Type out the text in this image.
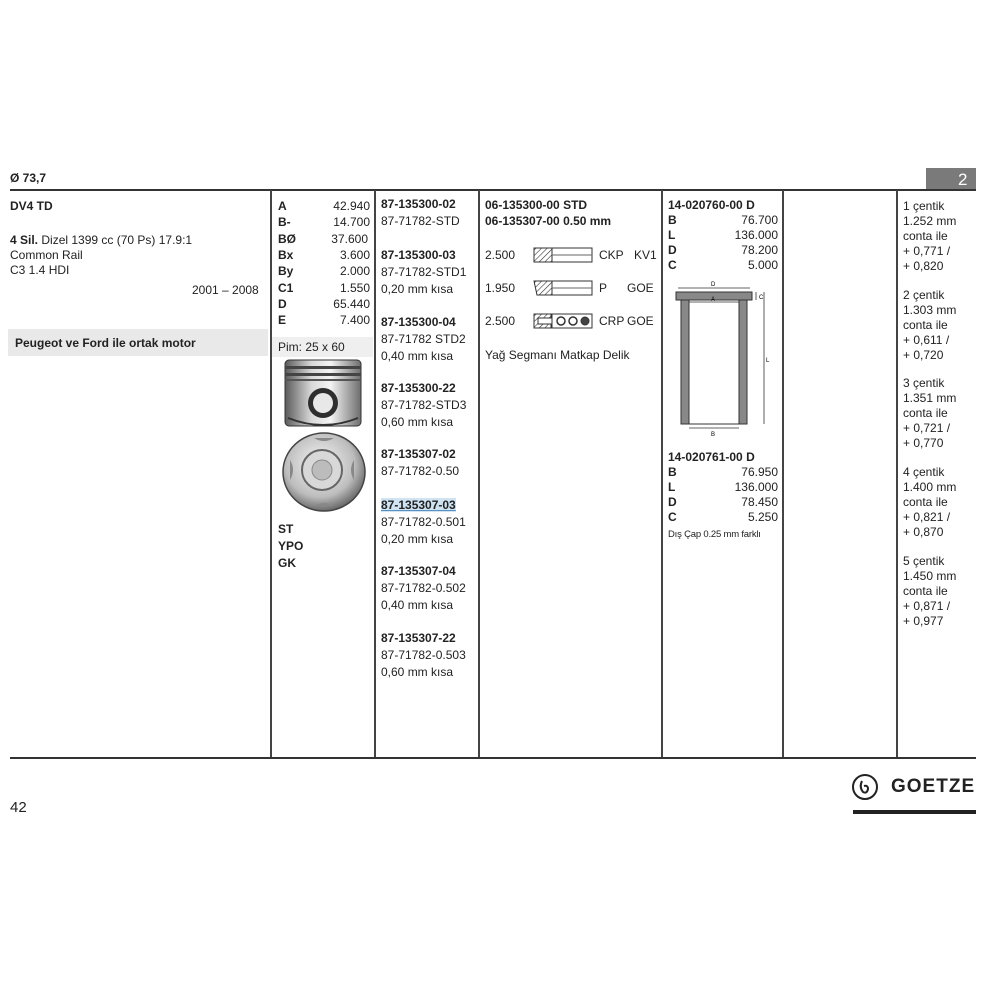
Ø 73,7	2
DV4 TD
4 Sil. Dizel 1399 cc (70 Ps) 17.9:1
Common Rail
C3 1.4 HDI
2001 – 2008
Peugeot ve Ford ile ortak motor
A	42.940
B-	14.700
BØ	37.600
Bx	3.600
By	2.000
C1	1.550
D	65.440
E	7.400
Pim: 25 x 60
ST
YPO
GK
87-135300-02
87-71782-STD
87-135300-03
87-71782-STD1
0,20 mm kısa
87-135300-04
87-71782 STD2
0,40 mm kısa
87-135300-22
87-71782-STD3
0,60 mm kısa
87-135307-02
87-71782-0.50
87-135307-03
87-71782-0.501
0,20 mm kısa
87-135307-04
87-71782-0.502
0,40 mm kısa
87-135307-22
87-71782-0.503
0,60 mm kısa
06-135300-00 STD
06-135307-00 0.50 mm
2.500	CKP KV1
1.950	P GOE
2.500	CRP GOE
Yağ Segmanı Matkap Delik
14-020760-00 D
B	76.700
L	136.000
D	78.200
C	5.000
D
A
B
C
L
14-020761-00 D
B	76.950
L	136.000
D	78.450
C	5.250
Dış Çap 0.25 mm farklı
1 çentik
1.252 mm
conta ile
+ 0,771 /
+ 0,820
2 çentik
1.303 mm
conta ile
+ 0,611 /
+ 0,720
3 çentik
1.351 mm
conta ile
+ 0,721 /
+ 0,770
4 çentik
1.400 mm
conta ile
+ 0,821 /
+ 0,870
5 çentik
1.450 mm
conta ile
+ 0,871 /
+ 0,977
42
GOETZE
